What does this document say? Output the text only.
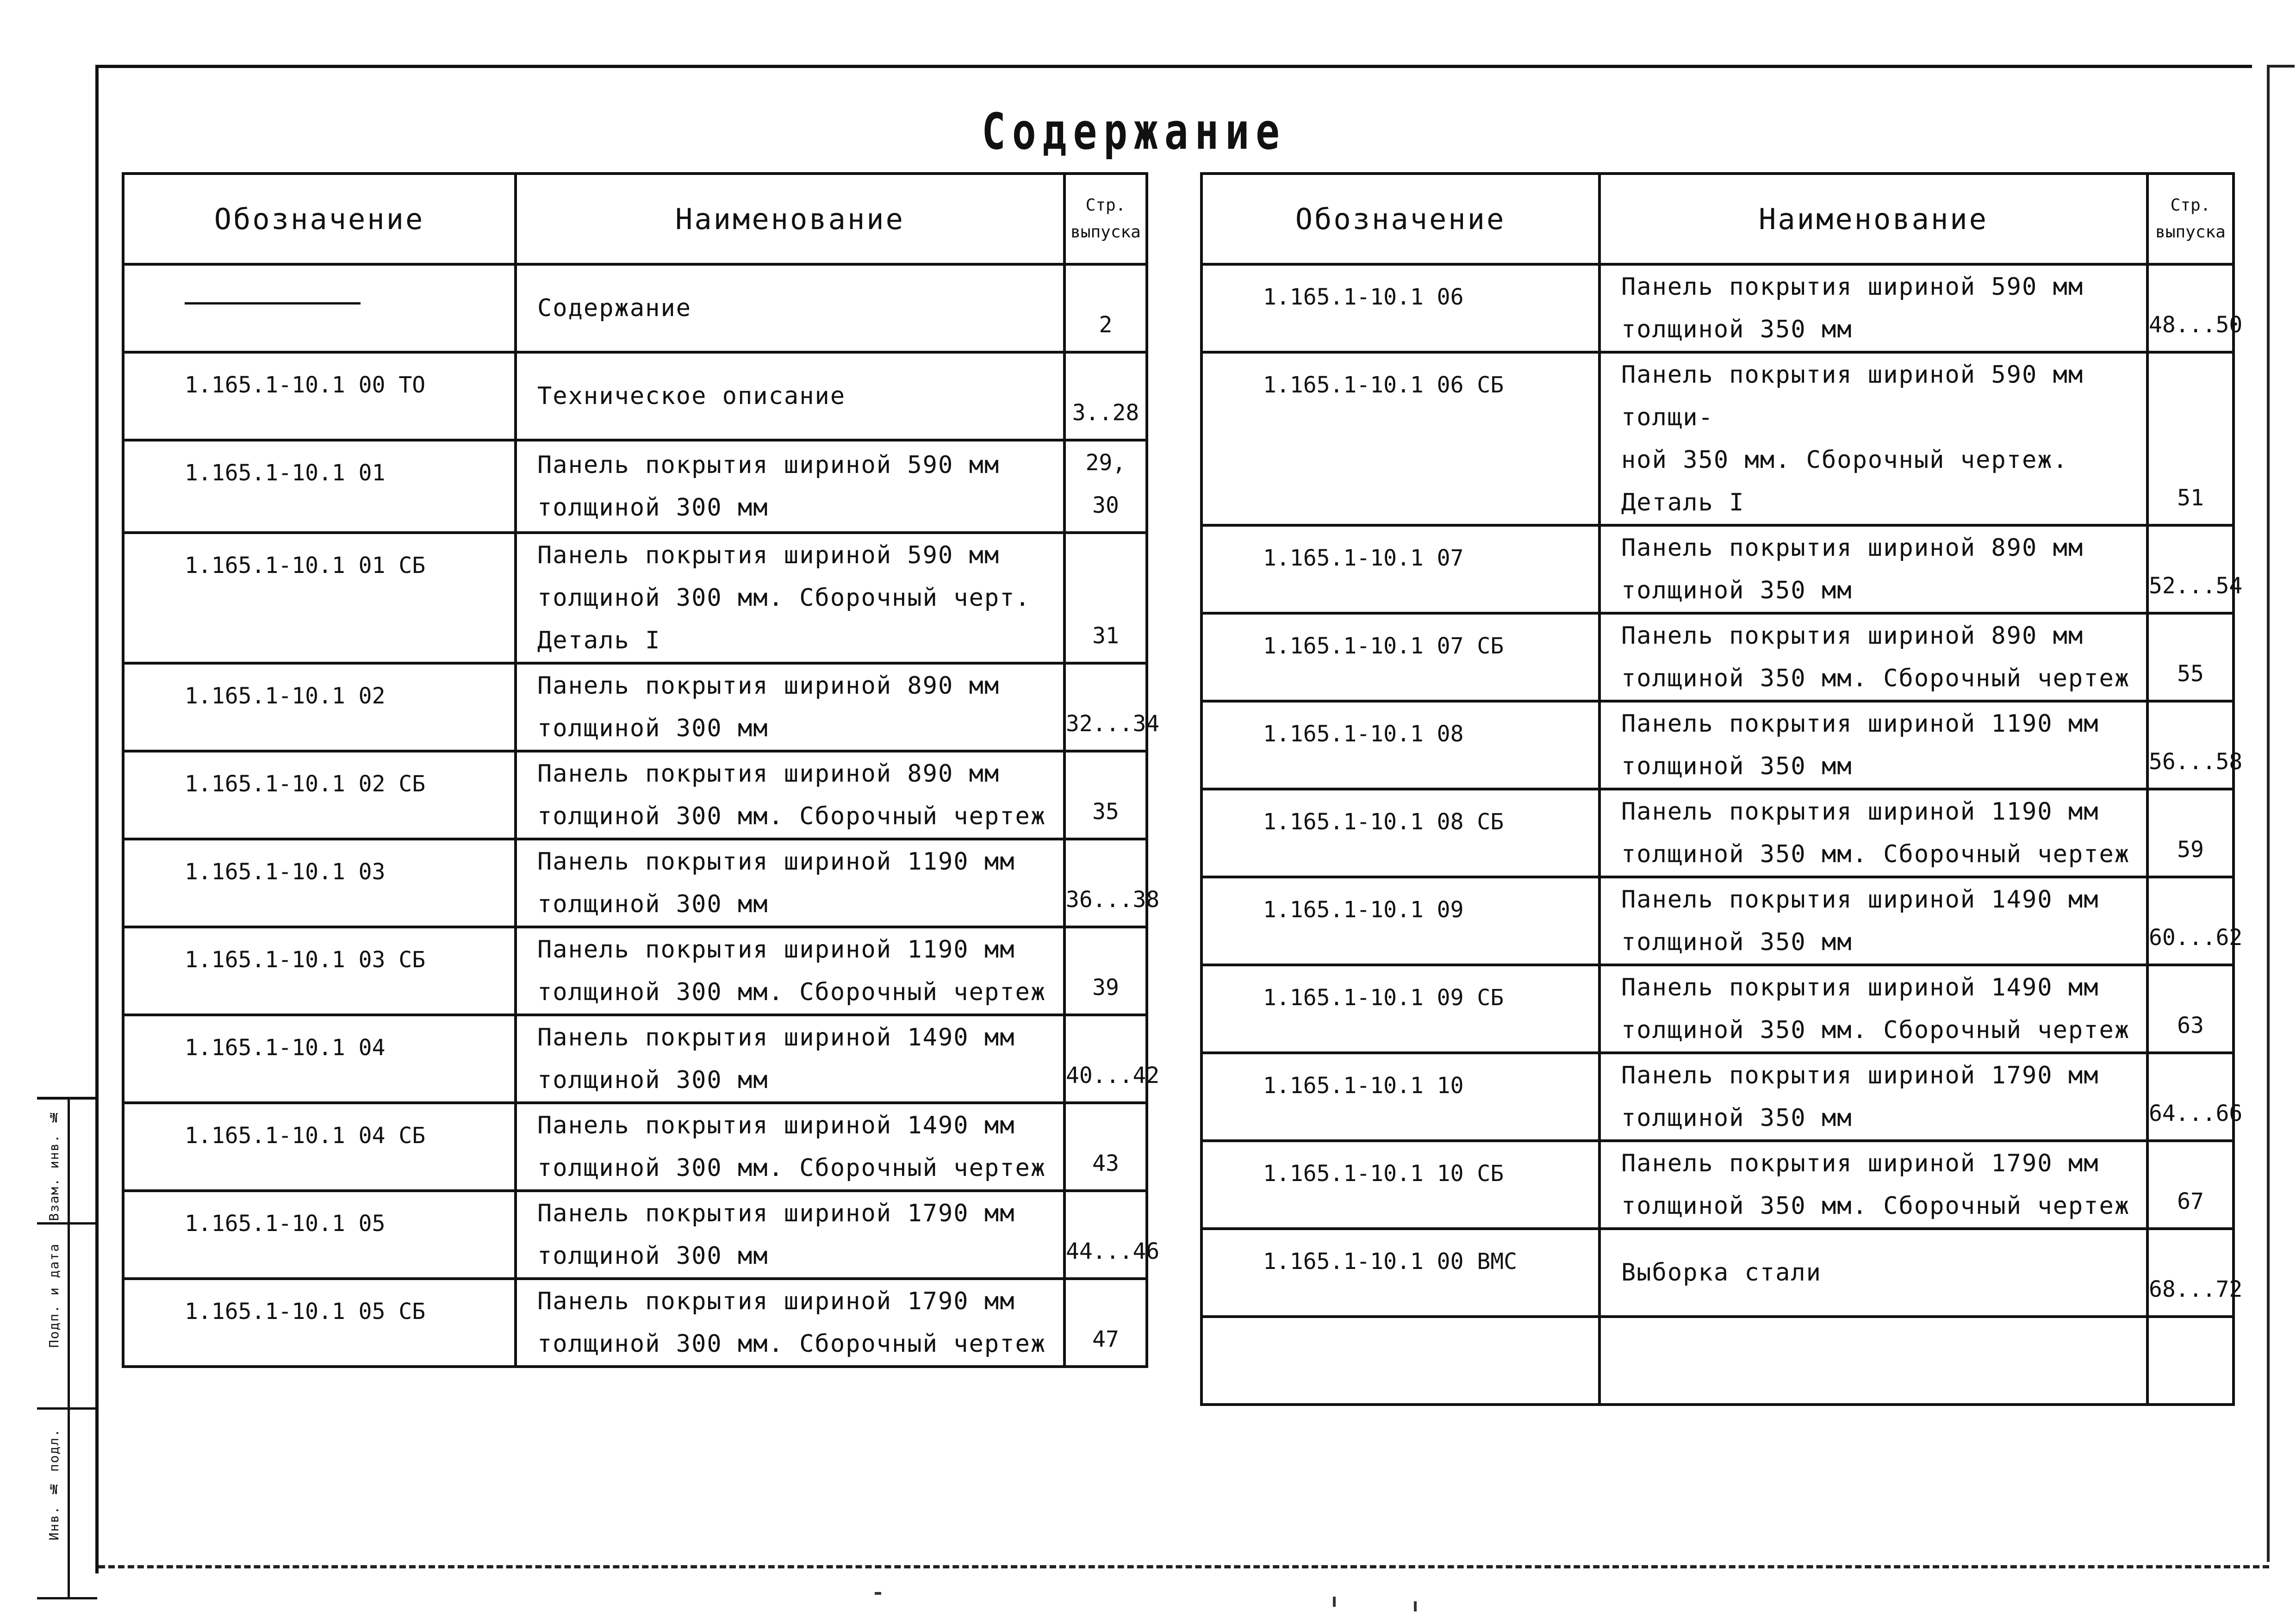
Содержание
Обозначение	Наименование	Стр. выпуска
	Содержание	2
1.165.1-10.1 00 ТО	Техническое описание	3..28
1.165.1-10.1 01	Панель покрытия шириной 590 мм
толщиной 300 мм	29, 30
1.165.1-10.1 01 СБ	Панель покрытия шириной 590 мм
толщиной 300 мм. Сборочный черт. Деталь I	31
1.165.1-10.1 02	Панель покрытия шириной 890 мм
толщиной 300 мм	32...34
1.165.1-10.1 02 СБ	Панель покрытия шириной 890 мм
толщиной 300 мм. Сборочный чертеж	35
1.165.1-10.1 03	Панель покрытия шириной 1190 мм
толщиной 300 мм	36...38
1.165.1-10.1 03 СБ	Панель покрытия шириной 1190 мм
толщиной 300 мм. Сборочный чертеж	39
1.165.1-10.1 04	Панель покрытия шириной 1490 мм
толщиной 300 мм	40...42
1.165.1-10.1 04 СБ	Панель покрытия шириной 1490 мм
толщиной 300 мм. Сборочный чертеж	43
1.165.1-10.1 05	Панель покрытия шириной 1790 мм
толщиной 300 мм	44...46
1.165.1-10.1 05 СБ	Панель покрытия шириной 1790 мм
толщиной 300 мм. Сборочный чертеж	47
Обозначение	Наименование	Стр. выпуска
1.165.1-10.1 06	Панель покрытия шириной 590 мм
толщиной 350 мм	48...50
1.165.1-10.1 06 СБ	Панель покрытия шириной 590 мм толщи-
ной 350 мм. Сборочный чертеж. Деталь I	51
1.165.1-10.1 07	Панель покрытия шириной 890 мм
толщиной 350 мм	52...54
1.165.1-10.1 07 СБ	Панель покрытия шириной 890 мм
толщиной 350 мм. Сборочный чертеж	55
1.165.1-10.1 08	Панель покрытия шириной 1190 мм
толщиной 350 мм	56...58
1.165.1-10.1 08 СБ	Панель покрытия шириной 1190 мм
толщиной 350 мм. Сборочный чертеж	59
1.165.1-10.1 09	Панель покрытия шириной 1490 мм
толщиной 350 мм	60...62
1.165.1-10.1 09 СБ	Панель покрытия шириной 1490 мм
толщиной 350 мм. Сборочный чертеж	63
1.165.1-10.1 10	Панель покрытия шириной 1790 мм
толщиной 350 мм	64...66
1.165.1-10.1 10 СБ	Панель покрытия шириной 1790 мм
толщиной 350 мм. Сборочный чертеж	67
1.165.1-10.1 00 ВМС	Выборка стали	68...72

Взам. инв. №
Подп. и дата
Инв. № подл.
